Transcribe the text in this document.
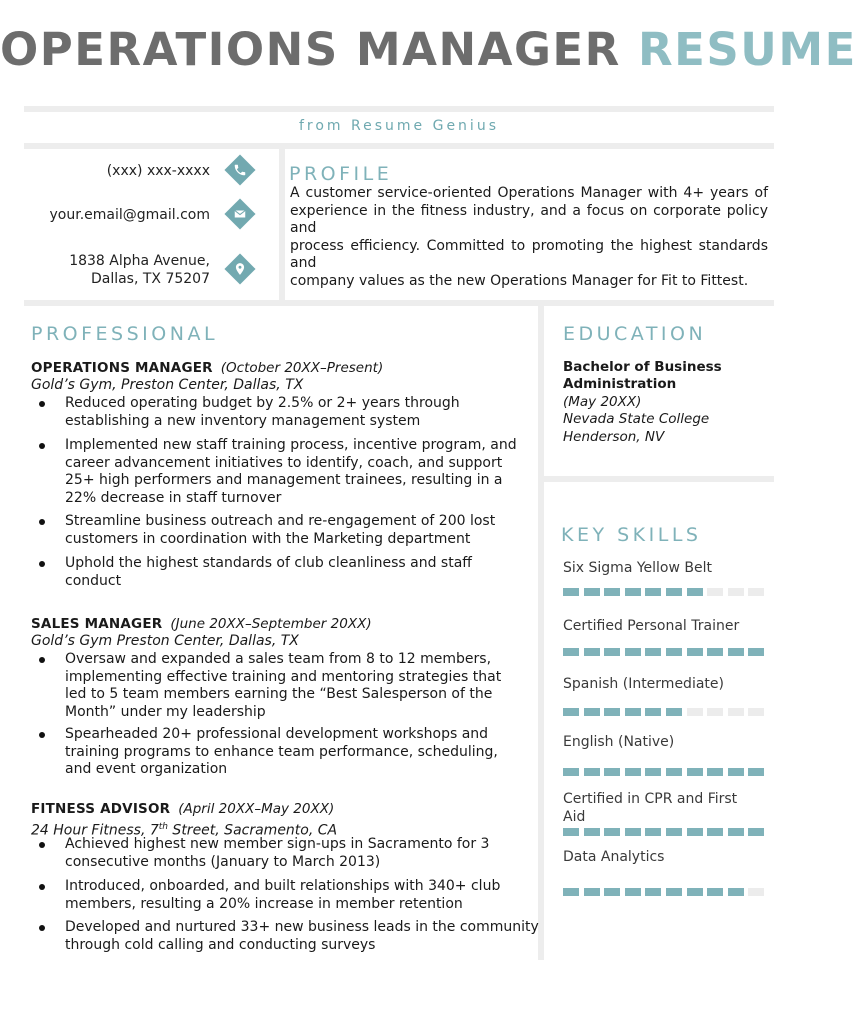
OPERATIONS MANAGER RESUME
from Resume Genius
(xxx) xxx-xxxx
your.email@gmail.com
1838 Alpha Avenue,
Dallas, TX 75207
PROFILE
A customer service-oriented Operations Manager with 4+ years of
experience in the fitness industry, and a focus on corporate policy and
process efficiency. Committed to promoting the highest standards and
company values as the new Operations Manager for Fit to Fittest.
PROFESSIONAL
OPERATIONS MANAGER (October 20XX–Present)
Gold’s Gym, Preston Center, Dallas, TX
Reduced operating budget by 2.5% or 2+ years through
establishing a new inventory management system
Implemented new staff training process, incentive program, and
career advancement initiatives to identify, coach, and support
25+ high performers and management trainees, resulting in a
22% decrease in staff turnover
Streamline business outreach and re-engagement of 200 lost
customers in coordination with the Marketing department
Uphold the highest standards of club cleanliness and staff
conduct
SALES MANAGER (June 20XX–September 20XX)
Gold’s Gym Preston Center, Dallas, TX
Oversaw and expanded a sales team from 8 to 12 members,
implementing effective training and mentoring strategies that
led to 5 team members earning the “Best Salesperson of the
Month” under my leadership
Spearheaded 20+ professional development workshops and
training programs to enhance team performance, scheduling,
and event organization
FITNESS ADVISOR (April 20XX–May 20XX)
24 Hour Fitness, 7th Street, Sacramento, CA
Achieved highest new member sign-ups in Sacramento for 3
consecutive months (January to March 2013)
Introduced, onboarded, and built relationships with 340+ club
members, resulting a 20% increase in member retention
Developed and nurtured 33+ new business leads in the community
through cold calling and conducting surveys
EDUCATION
Bachelor of Business
Administration
(May 20XX)
Nevada State College
Henderson, NV
KEY SKILLS
Six Sigma Yellow Belt
Certified Personal Trainer
Spanish (Intermediate)
English (Native)
Certified in CPR and First
Aid
Data Analytics
